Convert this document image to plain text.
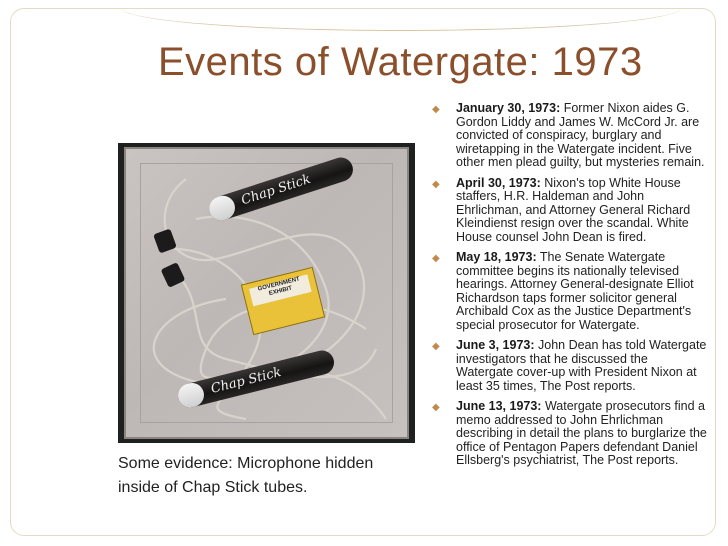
Events of Watergate: 1973
Chap Stick
Chap Stick
GOVERNMENT EXHIBIT
Some evidence: Microphone hidden inside of Chap Stick tubes.
◆ January 30, 1973: Former Nixon aides G. Gordon Liddy and James W. McCord Jr. are convicted of conspiracy, burglary and wiretapping in the Watergate incident. Five other men plead guilty, but mysteries remain.
◆ April 30, 1973: Nixon's top White House staffers, H.R. Haldeman and John Ehrlichman, and Attorney General Richard Kleindienst resign over the scandal. White House counsel John Dean is fired.
◆ May 18, 1973: The Senate Watergate committee begins its nationally televised hearings. Attorney General-designate Elliot Richardson taps former solicitor general Archibald Cox as the Justice Department's special prosecutor for Watergate.
◆ June 3, 1973: John Dean has told Watergate investigators that he discussed the Watergate cover-up with President Nixon at least 35 times, The Post reports.
◆ June 13, 1973: Watergate prosecutors find a memo addressed to John Ehrlichman describing in detail the plans to burglarize the office of Pentagon Papers defendant Daniel Ellsberg's psychiatrist, The Post reports.
